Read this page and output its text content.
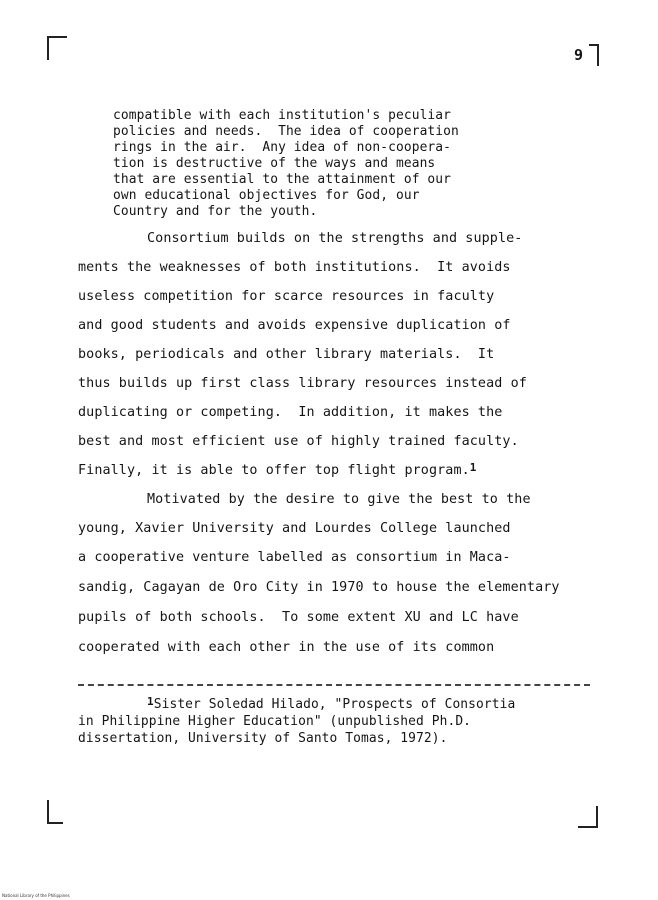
9
compatible with each institution's peculiar
policies and needs.  The idea of cooperation
rings in the air.  Any idea of non-coopera-
tion is destructive of the ways and means
that are essential to the attainment of our
own educational objectives for God, our
Country and for the youth.
Consortium builds on the strengths and supple-
ments the weaknesses of both institutions.  It avoids
useless competition for scarce resources in faculty
and good students and avoids expensive duplication of
books, periodicals and other library materials.  It
thus builds up first class library resources instead of
duplicating or competing.  In addition, it makes the
best and most efficient use of highly trained faculty.
Finally, it is able to offer top flight program.$^1$
Motivated by the desire to give the best to the
young, Xavier University and Lourdes College launched
a cooperative venture labelled as consortium in Maca-
sandig, Cagayan de Oro City in 1970 to house the elementary
pupils of both schools.  To some extent XU and LC have
cooperated with each other in the use of its common
$^1$Sister Soledad Hilado, "Prospects of Consortia
in Philippine Higher Education" (unpublished Ph.D.
dissertation, University of Santo Tomas, 1972).
National Library of the Philippines
